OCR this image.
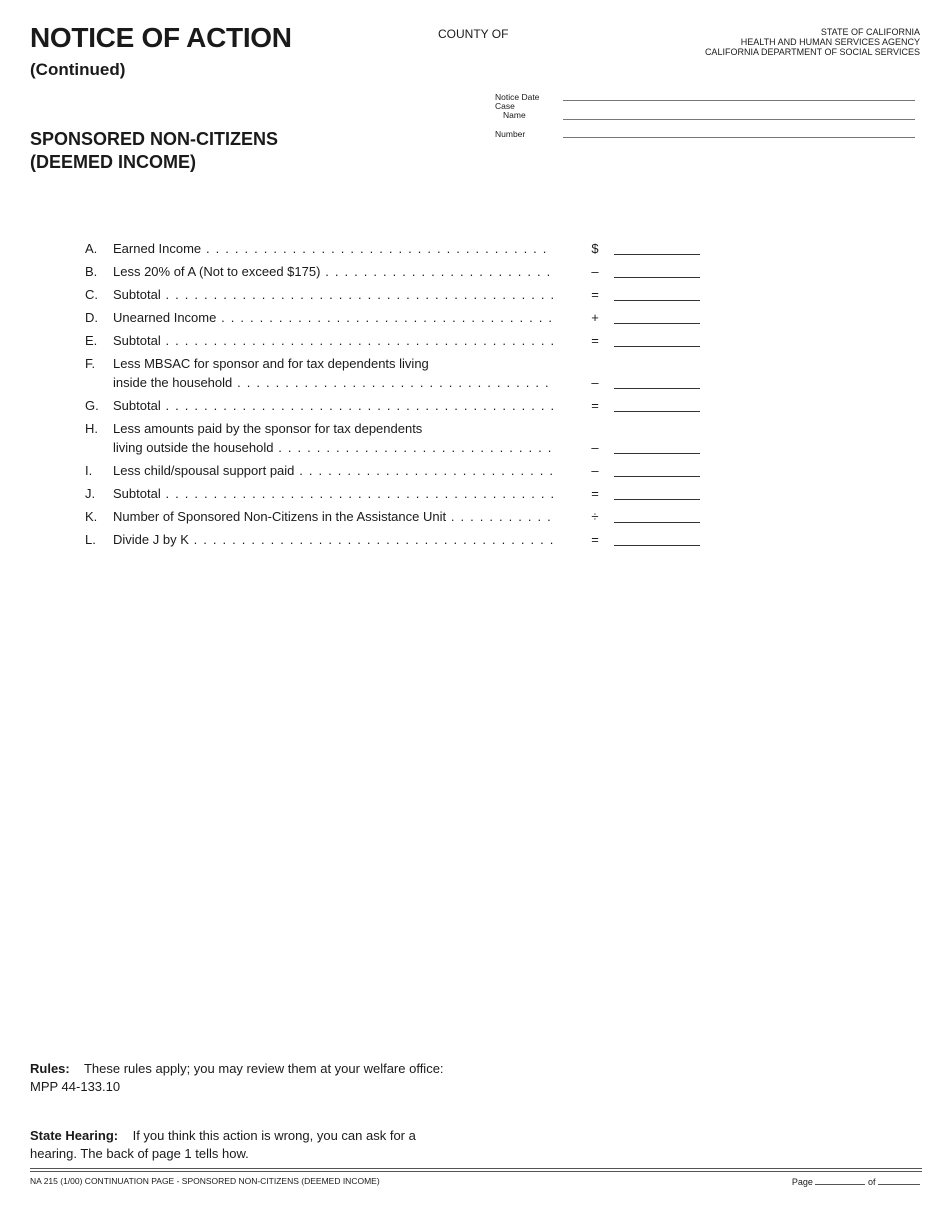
NOTICE OF ACTION
(Continued)
SPONSORED NON-CITIZENS
(DEEMED INCOME)
COUNTY OF	STATE OF CALIFORNIA
HEALTH AND HUMAN SERVICES AGENCY
CALIFORNIA DEPARTMENT OF SOCIAL SERVICES
Notice Date
Case
Name
Number
A. Earned Income . . .	$
B. Less 20% of A (Not to exceed $175) . . .	–
C. Subtotal . . .	=
D. Unearned Income . . .	+
E. Subtotal . . .	=
F. Less MBSAC for sponsor and for tax dependents living
inside the household . . .	–
G. Subtotal . . .	=
H. Less amounts paid by the sponsor for tax dependents
living outside the household . . .	–
I. Less child/spousal support paid . . .	–
J. Subtotal . . .	=
K. Number of Sponsored Non-Citizens in the Assistance Unit . . .	÷
L. Divide J by K . . .	=
Rules: These rules apply; you may review them at your welfare office: MPP 44-133.10
State Hearing: If you think this action is wrong, you can ask for a hearing. The back of page 1 tells how.
NA 215 (1/00) CONTINUATION PAGE - SPONSORED NON-CITIZENS (DEEMED INCOME)	Page	of
